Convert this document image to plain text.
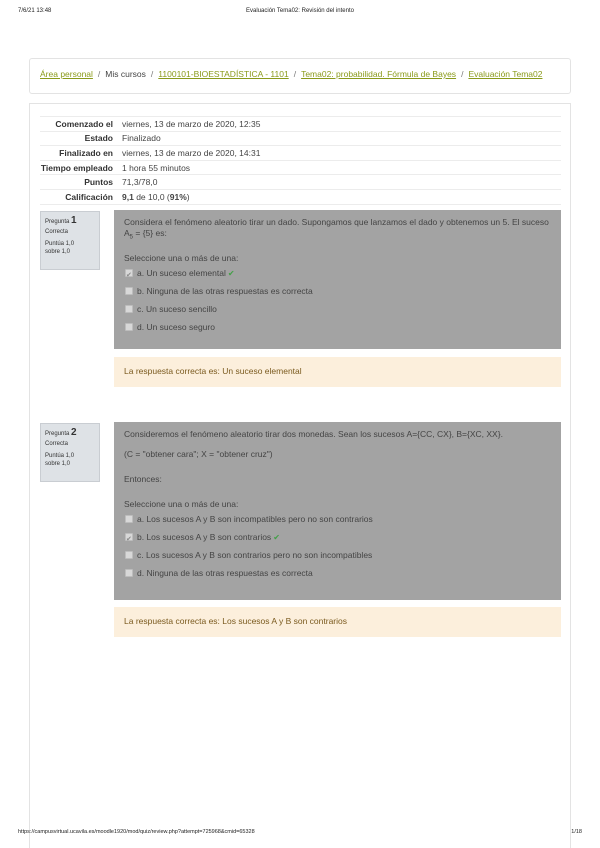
7/6/21 13:48	Evaluación Tema02: Revisión del intento
Área personal / Mis cursos / 1100101-BIOESTADÍSTICA - 1101 / Tema02: probabilidad. Fórmula de Bayes / Evaluación Tema02
Comenzado el	viernes, 13 de marzo de 2020, 12:35
Estado	Finalizado
Finalizado en	viernes, 13 de marzo de 2020, 14:31
Tiempo empleado	1 hora 55 minutos
Puntos	71,3/78,0
Calificación	9,1 de 10,0 (91%)
Pregunta 1
Correcta
Puntúa 1,0
sobre 1,0

Considera el fenómeno aleatorio tirar un dado. Supongamos que lanzamos el dado y obtenemos un 5. El suceso $A_5 = \{5\}$ es:

Seleccione una o más de una:

✔
a. Un suceso elemental ✔
b. Ninguna de las otras respuestas es correcta
c. Un suceso sencillo
d. Un suceso seguro
La respuesta correcta es: Un suceso elemental
Pregunta 2
Correcta
Puntúa 1,0
sobre 1,0

Consideremos el fenómeno aleatorio tirar dos monedas. Sean los sucesos A={CC, CX}, B={XC, XX}.

(C = "obtener cara"; X = "obtener cruz")

Entonces:

Seleccione una o más de una:

a. Los sucesos A y B son incompatibles pero no son contrarios
✔
b. Los sucesos A y B son contrarios ✔
c. Los sucesos A y B son contrarios pero no son incompatibles
d. Ninguna de las otras respuestas es correcta
La respuesta correcta es: Los sucesos A y B son contrarios
https://campusvirtual.ucavila.es/moodle1920/mod/quiz/review.php?attempt=725968&cmid=65328	1/18
